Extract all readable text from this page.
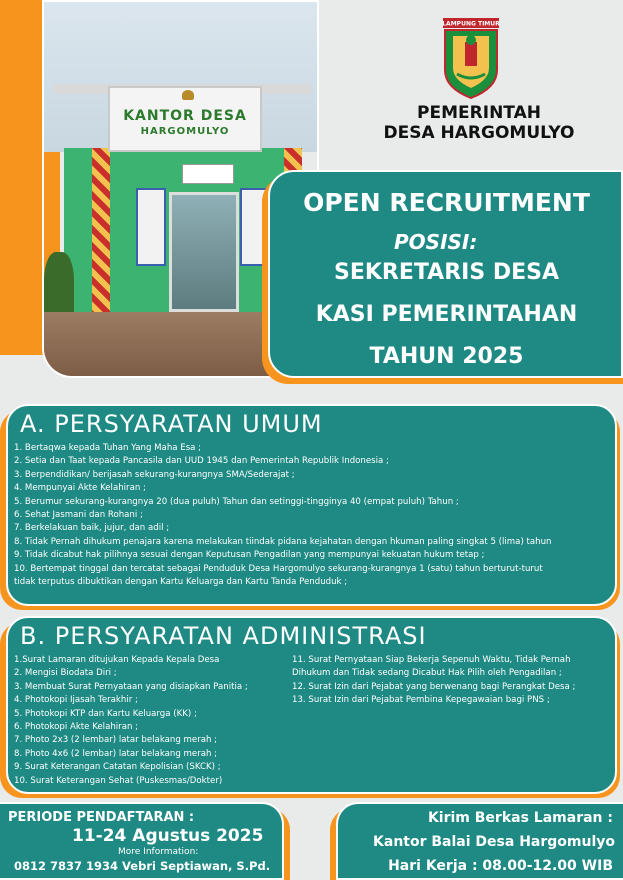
KANTOR DESA
HARGOMULYO
LAMPUNG TIMUR
PEMERINTAH
DESA HARGOMULYO
OPEN RECRUITMENT
POSISI:
SEKRETARIS DESA
KASI PEMERINTAHAN
TAHUN 2025
A. PERSYARATAN UMUM
1. Bertaqwa kepada Tuhan Yang Maha Esa ;
2. Setia dan Taat kepada Pancasila dan UUD 1945 dan Pemerintah Republik Indonesia ;
3. Berpendidikan/ berijasah sekurang-kurangnya SMA/Sederajat ;
4. Mempunyai Akte Kelahiran ;
5. Berumur sekurang-kurangnya 20 (dua puluh) Tahun dan setinggi-tingginya 40 (empat puluh) Tahun ;
6. Sehat Jasmani dan Rohani ;
7. Berkelakuan baik, jujur, dan adil ;
8. Tidak Pernah dihukum penajara karena melakukan tiindak pidana kejahatan dengan hkuman paling singkat 5 (lima) tahun
9. Tidak dicabut hak pilihnya sesuai dengan Keputusan Pengadilan yang mempunyai kekuatan hukum tetap ;
10. Bertempat tinggal dan tercatat sebagai Penduduk Desa Hargomulyo sekurang-kurangnya 1 (satu) tahun berturut-turut
tidak terputus dibuktikan dengan Kartu Keluarga dan Kartu Tanda Penduduk ;
B. PERSYARATAN ADMINISTRASI
1.Surat Lamaran ditujukan Kepada Kepala Desa
2. Mengisi Biodata Diri ;
3. Membuat Surat Pernyataan yang disiapkan Panitia ;
4. Photokopi Ijasah Terakhir ;
5. Photokopi KTP dan Kartu Keluarga (KK) ;
6. Photokopi Akte Kelahiran ;
7. Photo 2x3 (2 lembar) latar belakang merah ;
8. Photo 4x6 (2 lembar) latar belakang merah ;
9. Surat Keterangan Catatan Kepolisian (SKCK) ;
10. Surat Keterangan Sehat (Puskesmas/Dokter)
11. Surat Pernyataan Siap Bekerja Sepenuh Waktu, Tidak Pernah
Dihukum dan Tidak sedang Dicabut Hak Pilih oleh Pengadilan ;
12. Surat Izin dari Pejabat yang berwenang bagi Perangkat Desa ;
13. Surat Izin dari Pejabat Pembina Kepegawaian bagi PNS ;
PERIODE PENDAFTARAN :
11-24 Agustus 2025
More Information:
0812 7837 1934 Vebri Septiawan, S.Pd.
Kirim Berkas Lamaran :
Kantor Balai Desa Hargomulyo
Hari Kerja : 08.00-12.00 WIB
